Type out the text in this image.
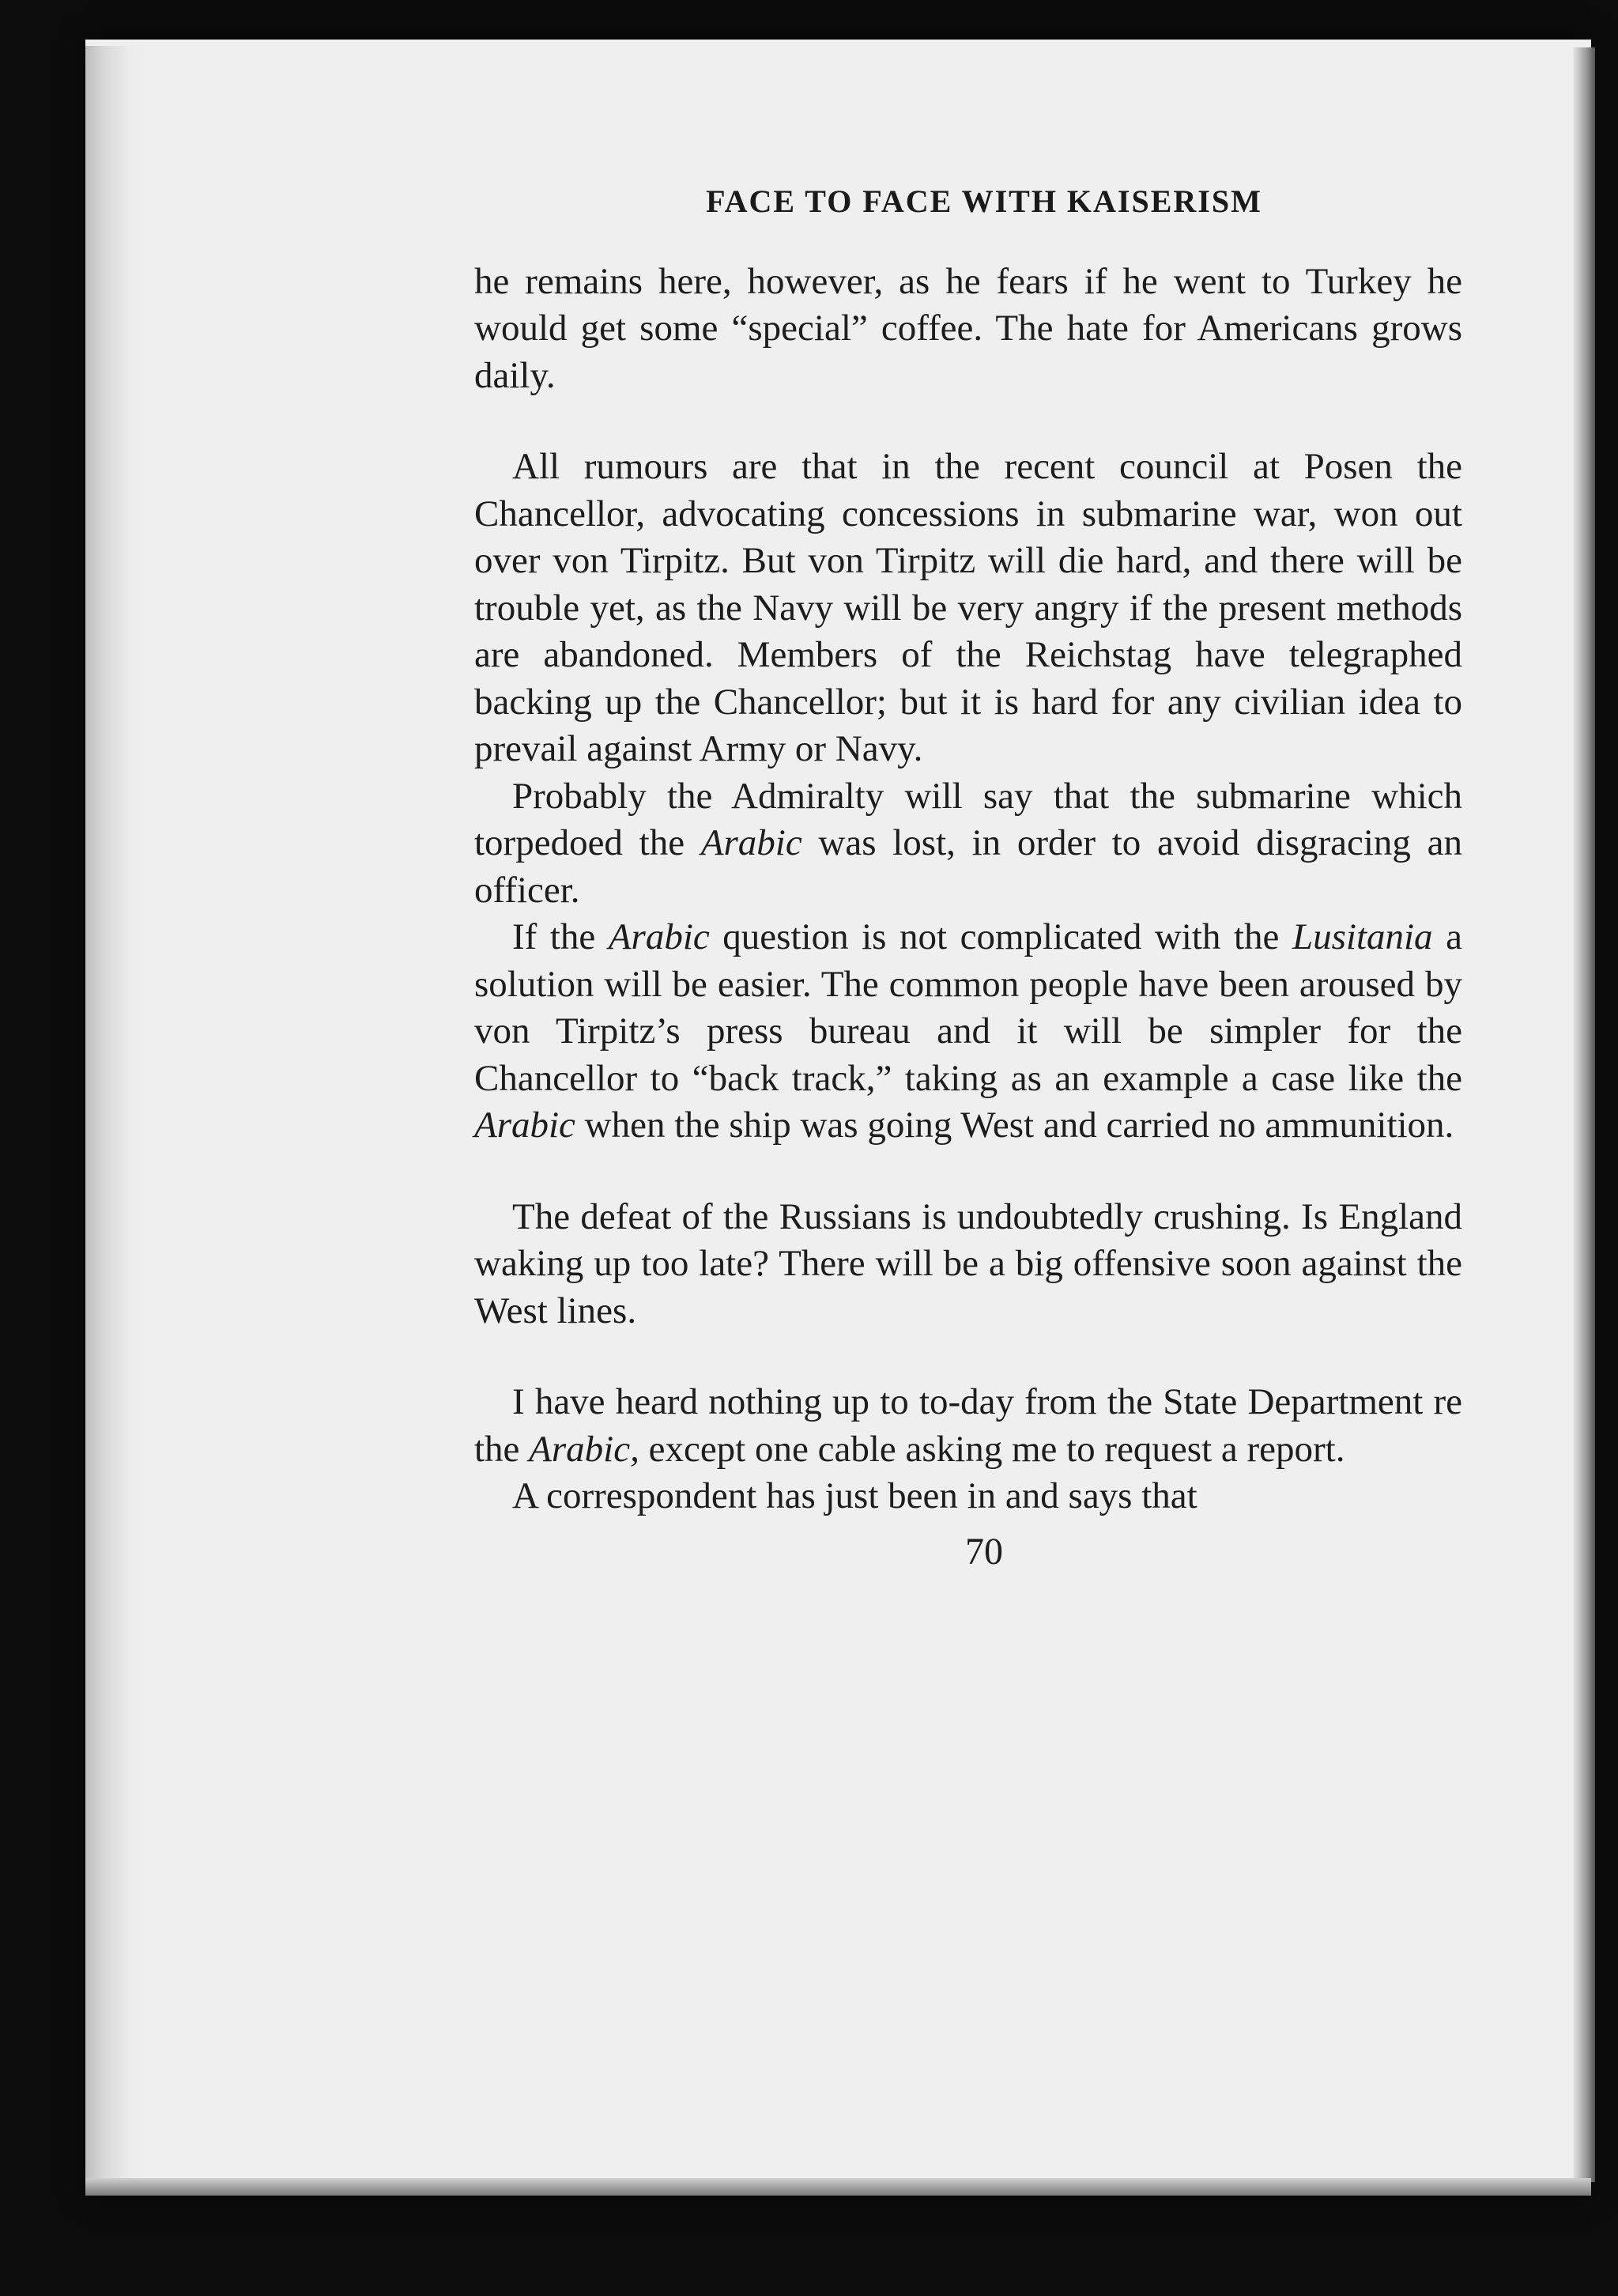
FACE TO FACE WITH KAISERISM

he remains here, however, as he fears if he went to Turkey he would get some “special” coffee. The hate for Americans grows daily.

All rumours are that in the recent council at Posen the Chancellor, advocating concessions in submarine war, won out over von Tirpitz. But von Tirpitz will die hard, and there will be trouble yet, as the Navy will be very angry if the present methods are abandoned. Members of the Reichstag have telegraphed backing up the Chancellor; but it is hard for any civilian idea to prevail against Army or Navy.

Probably the Admiralty will say that the submarine which torpedoed the Arabic was lost, in order to avoid disgracing an officer.

If the Arabic question is not complicated with the Lusitania a solution will be easier. The common people have been aroused by von Tirpitz’s press bureau and it will be simpler for the Chancellor to “back track,” taking as an example a case like the Arabic when the ship was going West and carried no ammunition.

The defeat of the Russians is undoubtedly crushing. Is England waking up too late? There will be a big offensive soon against the West lines.

I have heard nothing up to to-day from the State Department re the Arabic, except one cable asking me to request a report.

A correspondent has just been in and says that

70
